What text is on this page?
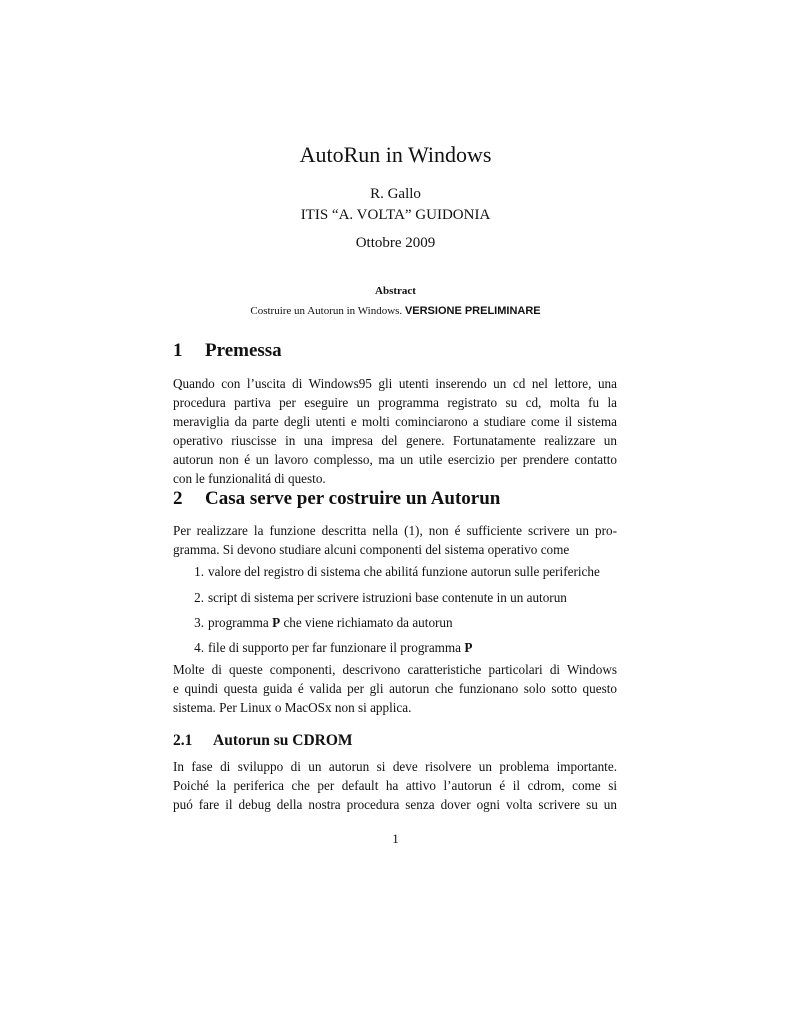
AutoRun in Windows
R. Gallo
ITIS “A. VOLTA” GUIDONIA
Ottobre 2009
Abstract
Costruire un Autorun in Windows. VERSIONE PRELIMINARE
1 Premessa
Quando con l’uscita di Windows95 gli utenti inserendo un cd nel lettore, una
procedura partiva per eseguire un programma registrato su cd, molta fu la
meraviglia da parte degli utenti e molti cominciarono a studiare come il sistema
operativo riuscisse in una impresa del genere. Fortunatamente realizzare un
autorun non é un lavoro complesso, ma un utile esercizio per prendere contatto
con le funzionalitá di questo.
2 Casa serve per costruire un Autorun
Per realizzare la funzione descritta nella (1), non é sufficiente scrivere un pro-
gramma. Si devono studiare alcuni componenti del sistema operativo come
1. valore del registro di sistema che abilitá funzione autorun sulle periferiche
2. script di sistema per scrivere istruzioni base contenute in un autorun
3. programma P che viene richiamato da autorun
4. file di supporto per far funzionare il programma P
Molte di queste componenti, descrivono caratteristiche particolari di Windows
e quindi questa guida é valida per gli autorun che funzionano solo sotto questo
sistema. Per Linux o MacOSx non si applica.
2.1 Autorun su CDROM
In fase di sviluppo di un autorun si deve risolvere un problema importante.
Poiché la periferica che per default ha attivo l’autorun é il cdrom, come si
puó fare il debug della nostra procedura senza dover ogni volta scrivere su un
1
